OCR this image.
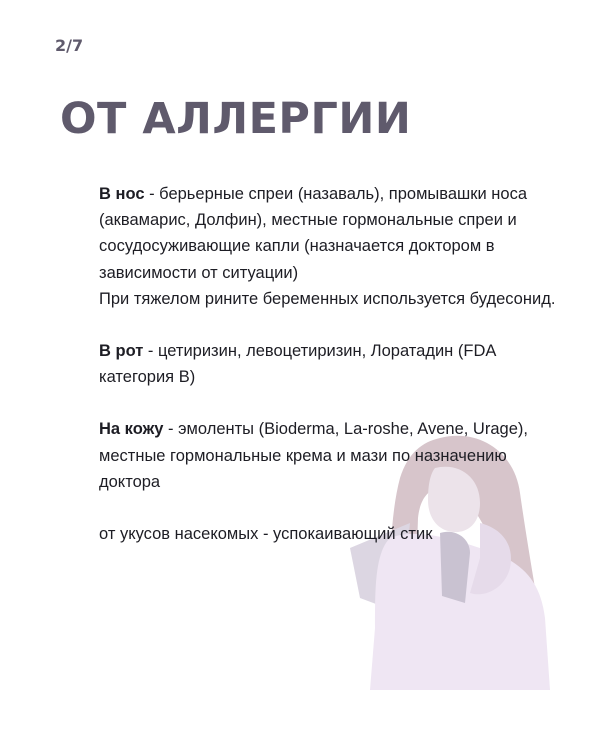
2/7
ОТ АЛЛЕРГИИ

В нос - берьерные спреи (назаваль), промывашки носа (аквамарис, Долфин), местные гормональные спреи и сосудосуживающие капли (назначается доктором в зависимости от ситуации)
При тяжелом рините беременных используется будесонид.

В рот - цетиризин, левоцетиризин, Лоратадин (FDA категория В)

На кожу - эмоленты (Bioderma, La-roshe, Avene, Urage), местные гормональные крема и мази по назначению доктора

от укусов насекомых - успокаивающий стик
